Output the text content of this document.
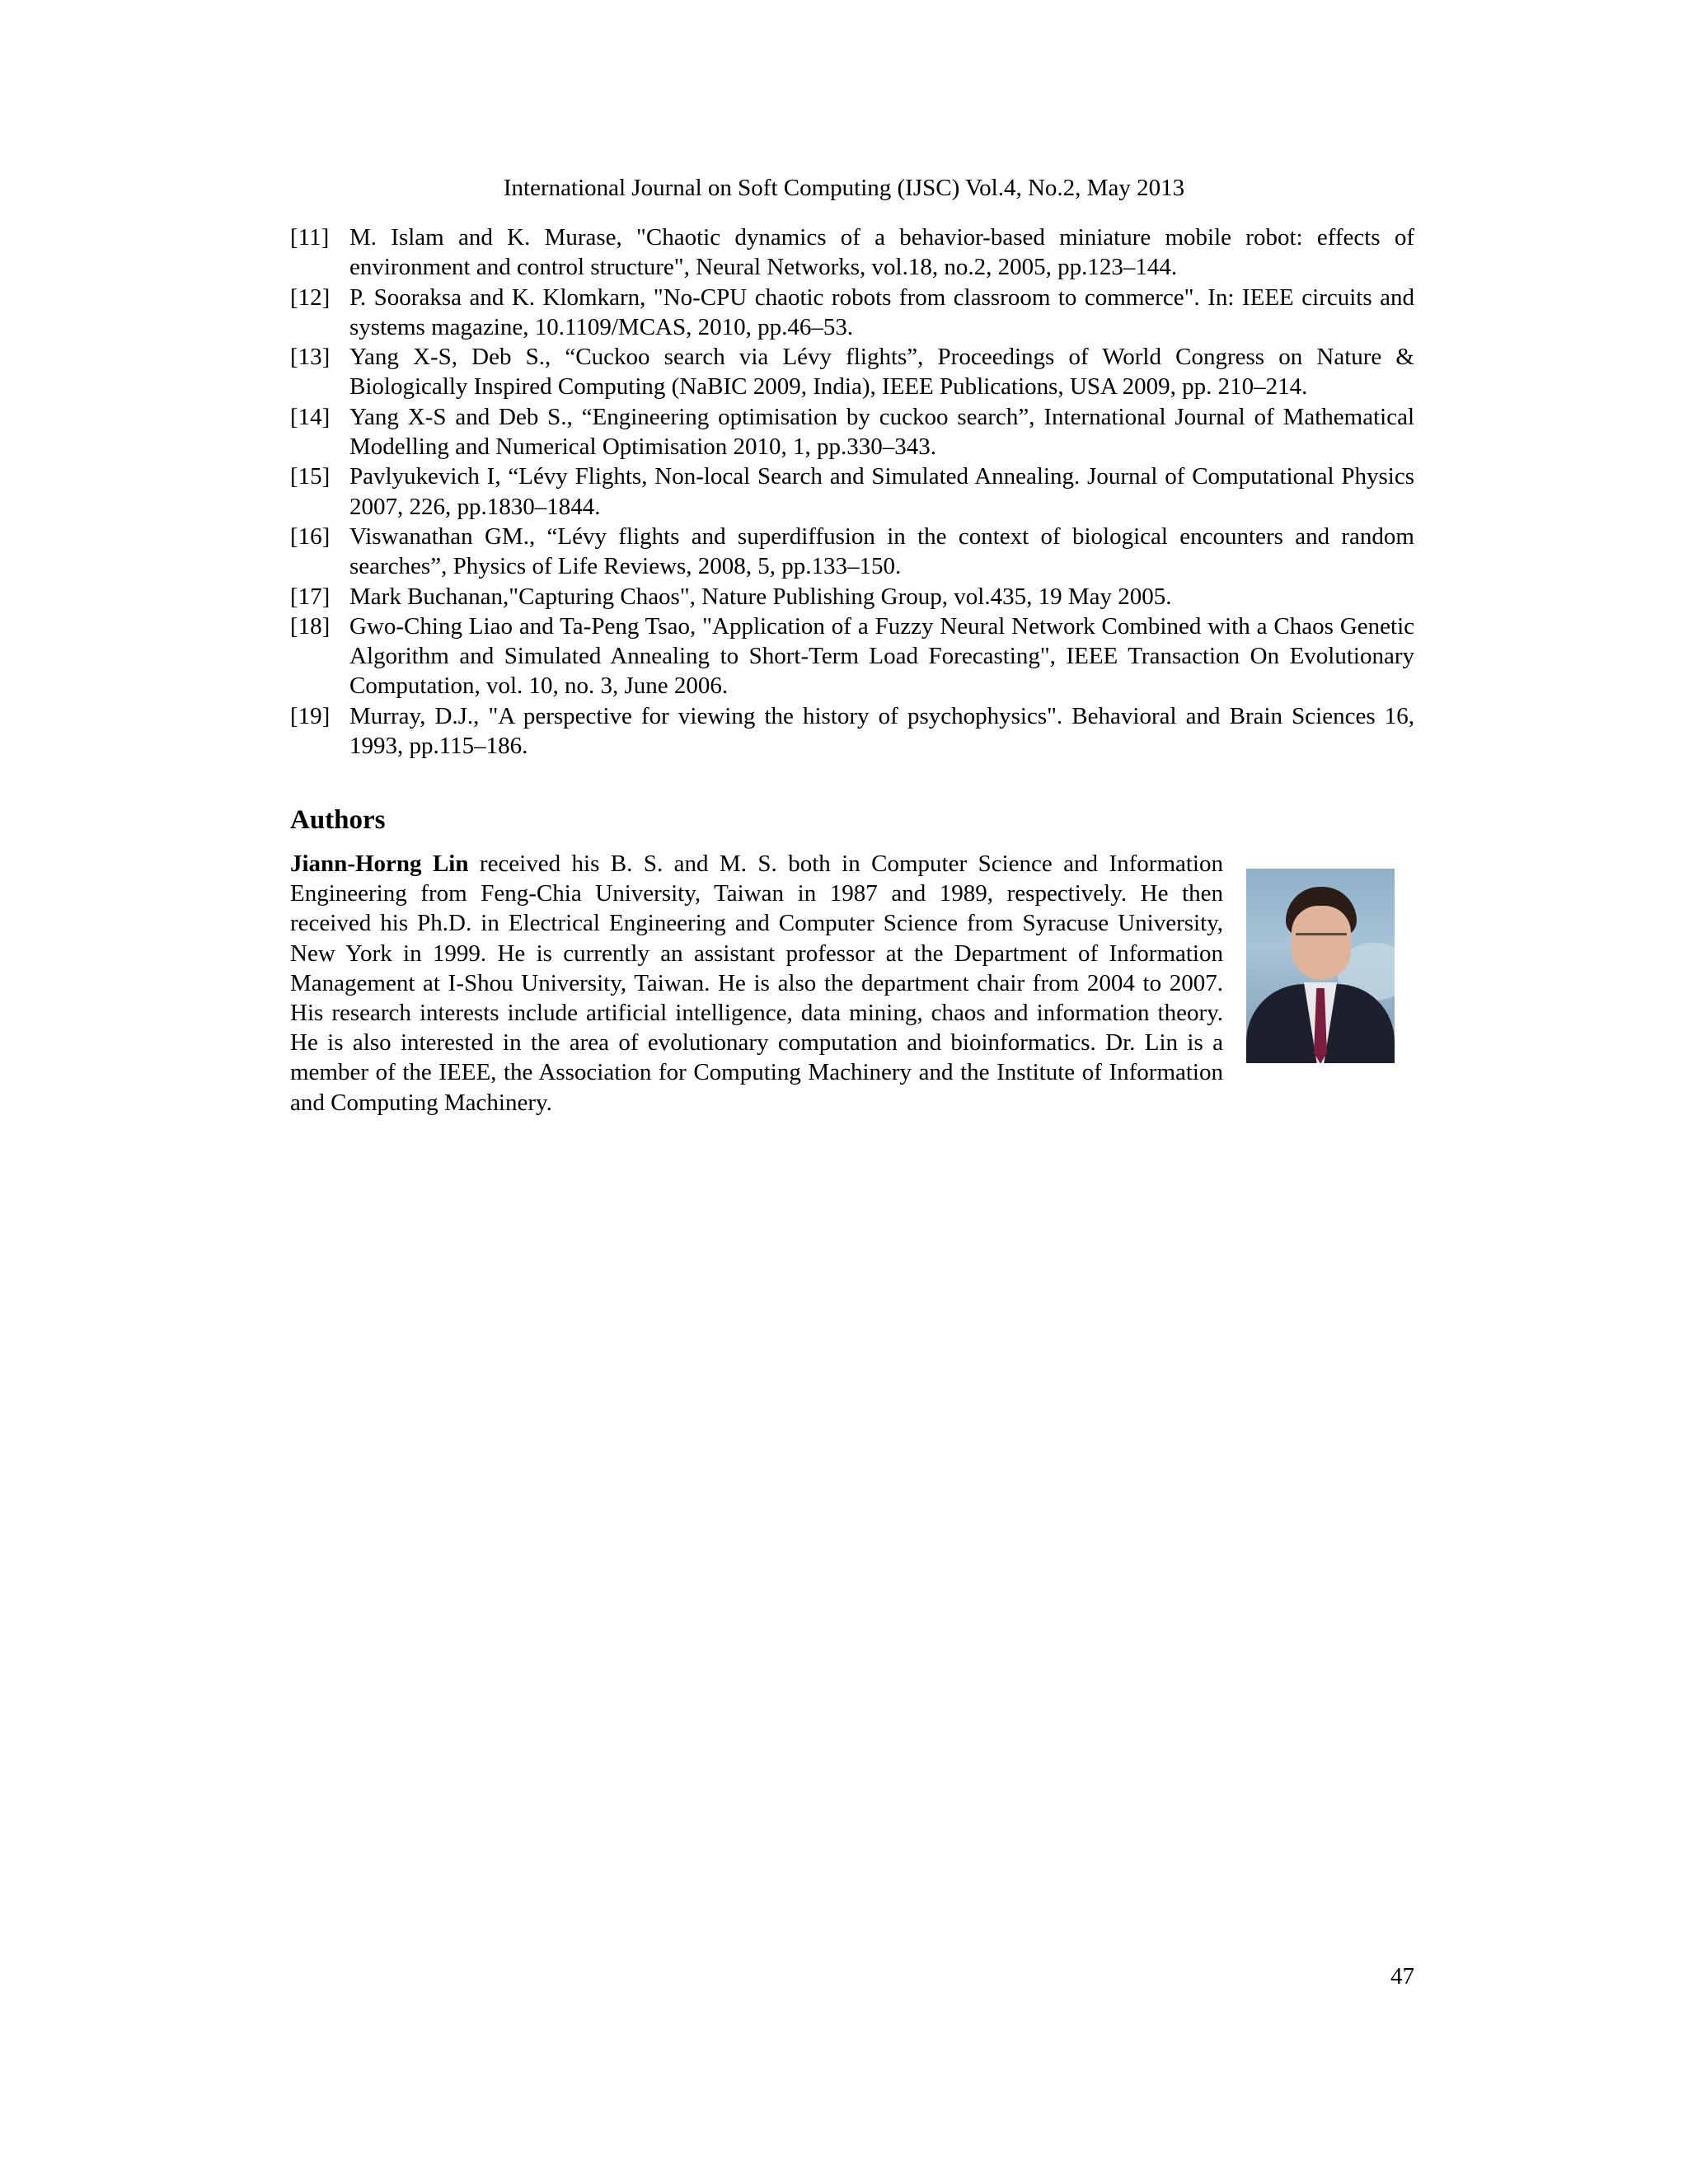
International Journal on Soft Computing (IJSC) Vol.4, No.2, May 2013
[11] M. Islam and K. Murase, "Chaotic dynamics of a behavior-based miniature mobile robot: effects of environment and control structure", Neural Networks, vol.18, no.2, 2005, pp.123–144.
[12] P. Sooraksa and K. Klomkarn, "No-CPU chaotic robots from classroom to commerce". In: IEEE circuits and systems magazine, 10.1109/MCAS, 2010, pp.46–53.
[13] Yang X-S, Deb S., “Cuckoo search via Lévy flights”, Proceedings of World Congress on Nature & Biologically Inspired Computing (NaBIC 2009, India), IEEE Publications, USA 2009, pp. 210–214.
[14] Yang X-S and Deb S., “Engineering optimisation by cuckoo search”, International Journal of Mathematical Modelling and Numerical Optimisation 2010, 1, pp.330–343.
[15] Pavlyukevich I, “Lévy Flights, Non-local Search and Simulated Annealing. Journal of Computational Physics 2007, 226, pp.1830–1844.
[16] Viswanathan GM., “Lévy flights and superdiffusion in the context of biological encounters and random searches”, Physics of Life Reviews, 2008, 5, pp.133–150.
[17] Mark Buchanan,"Capturing Chaos", Nature Publishing Group, vol.435, 19 May 2005.
[18] Gwo-Ching Liao and Ta-Peng Tsao, "Application of a Fuzzy Neural Network Combined with a Chaos Genetic Algorithm and Simulated Annealing to Short-Term Load Forecasting", IEEE Transaction On Evolutionary Computation, vol. 10, no. 3, June 2006.
[19] Murray, D.J., "A perspective for viewing the history of psychophysics". Behavioral and Brain Sciences 16, 1993, pp.115–186.
Authors

Jiann-Horng Lin received his B. S. and M. S. both in Computer Science and Information Engineering from Feng-Chia University, Taiwan in 1987 and 1989, respectively. He then received his Ph.D. in Electrical Engineering and Computer Science from Syracuse University, New York in 1999. He is currently an assistant professor at the Department of Information Management at I-Shou University, Taiwan. He is also the department chair from 2004 to 2007. His research interests include artificial intelligence, data mining, chaos and information theory. He is also interested in the area of evolutionary computation and bioinformatics. Dr. Lin is a member of the IEEE, the Association for Computing Machinery and the Institute of Information and Computing Machinery.

47
